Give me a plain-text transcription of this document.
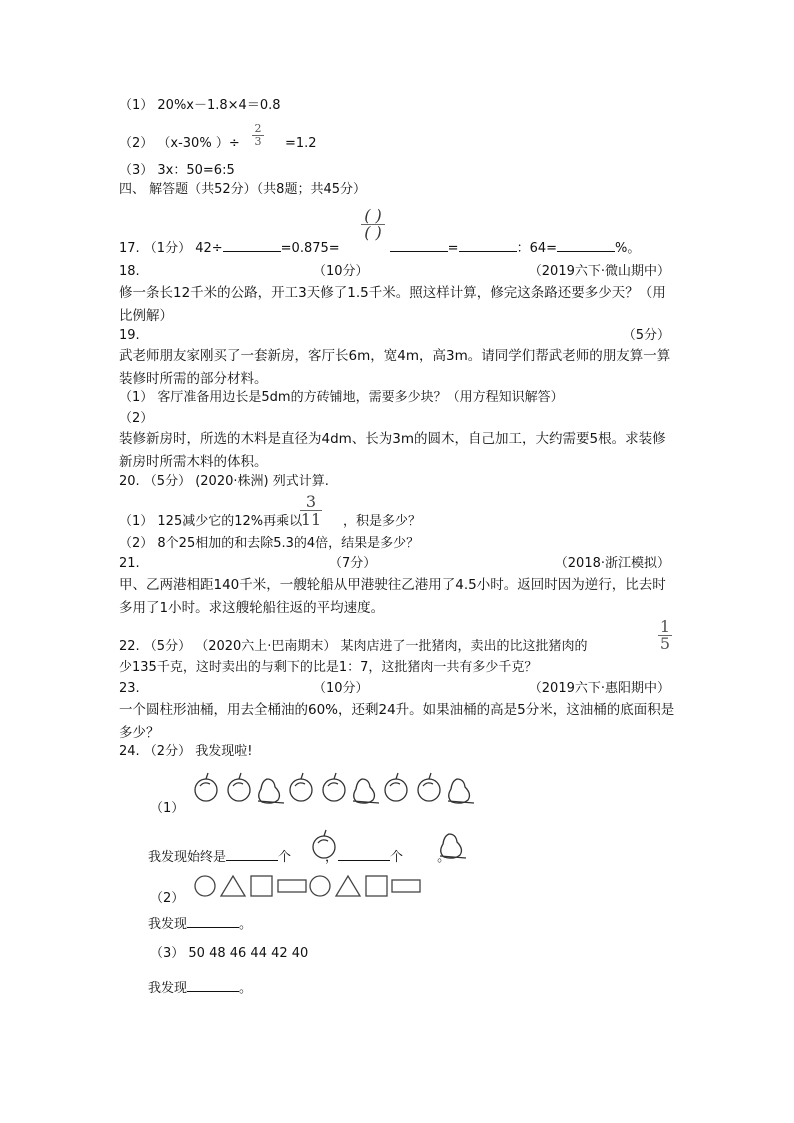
（1） 20%x－1.8×4＝0.8
（2） （x-30% ）÷
2
3 =1.2
（3） 3x：50=6:5
四、 解答题（共52分）（共8题；共45分）
( )
( )
17. （1分） 42÷	=0.875=	=	：64=	%。
18.	（10分）	（2019六下·微山期中）
修一条长12千米的公路，开工3天修了1.5千米。照这样计算，修完这条路还要多少天？（用比例解）
19.	（5分）
武老师朋友家刚买了一套新房，客厅长6m，宽4m，高3m。请同学们帮武老师的朋友算一算装修时所需的部分材料。
（1） 客厅准备用边长是5dm的方砖铺地，需要多少块？（用方程知识解答）
（2）
装修新房时，所选的木料是直径为4dm、长为3m的圆木，自己加工，大约需要5根。求装修新房时所需木料的体积。
20. （5分） (2020·株洲) 列式计算.
（1） 125减少它的12%再乘以
3
11 ，积是多少？
（2） 8个25相加的和去除5.3的4倍，结果是多少？
21.	（7分）	（2018·浙江模拟）
甲、乙两港相距140千米，一艘轮船从甲港驶往乙港用了4.5小时。返回时因为逆行，比去时多用了1小时。求这艘轮船往返的平均速度。
22. （5分） （2020六上·巴南期末） 某肉店进了一批猪肉，卖出的比这批猪肉的
1
5
少135千克，这时卖出的与剩下的比是1：7，这批猪肉一共有多少千克？
23.	（10分）	（2019六下·惠阳期中）
一个圆柱形油桶，用去全桶油的60%，还剩24升。如果油桶的高是5分米，这油桶的底面积是多少？
24. （2分） 我发现啦!
（1）
我发现始终是	个	，	个	。
（2）
我发现	。
（3） 50 48 46 44 42 40
我发现	。
